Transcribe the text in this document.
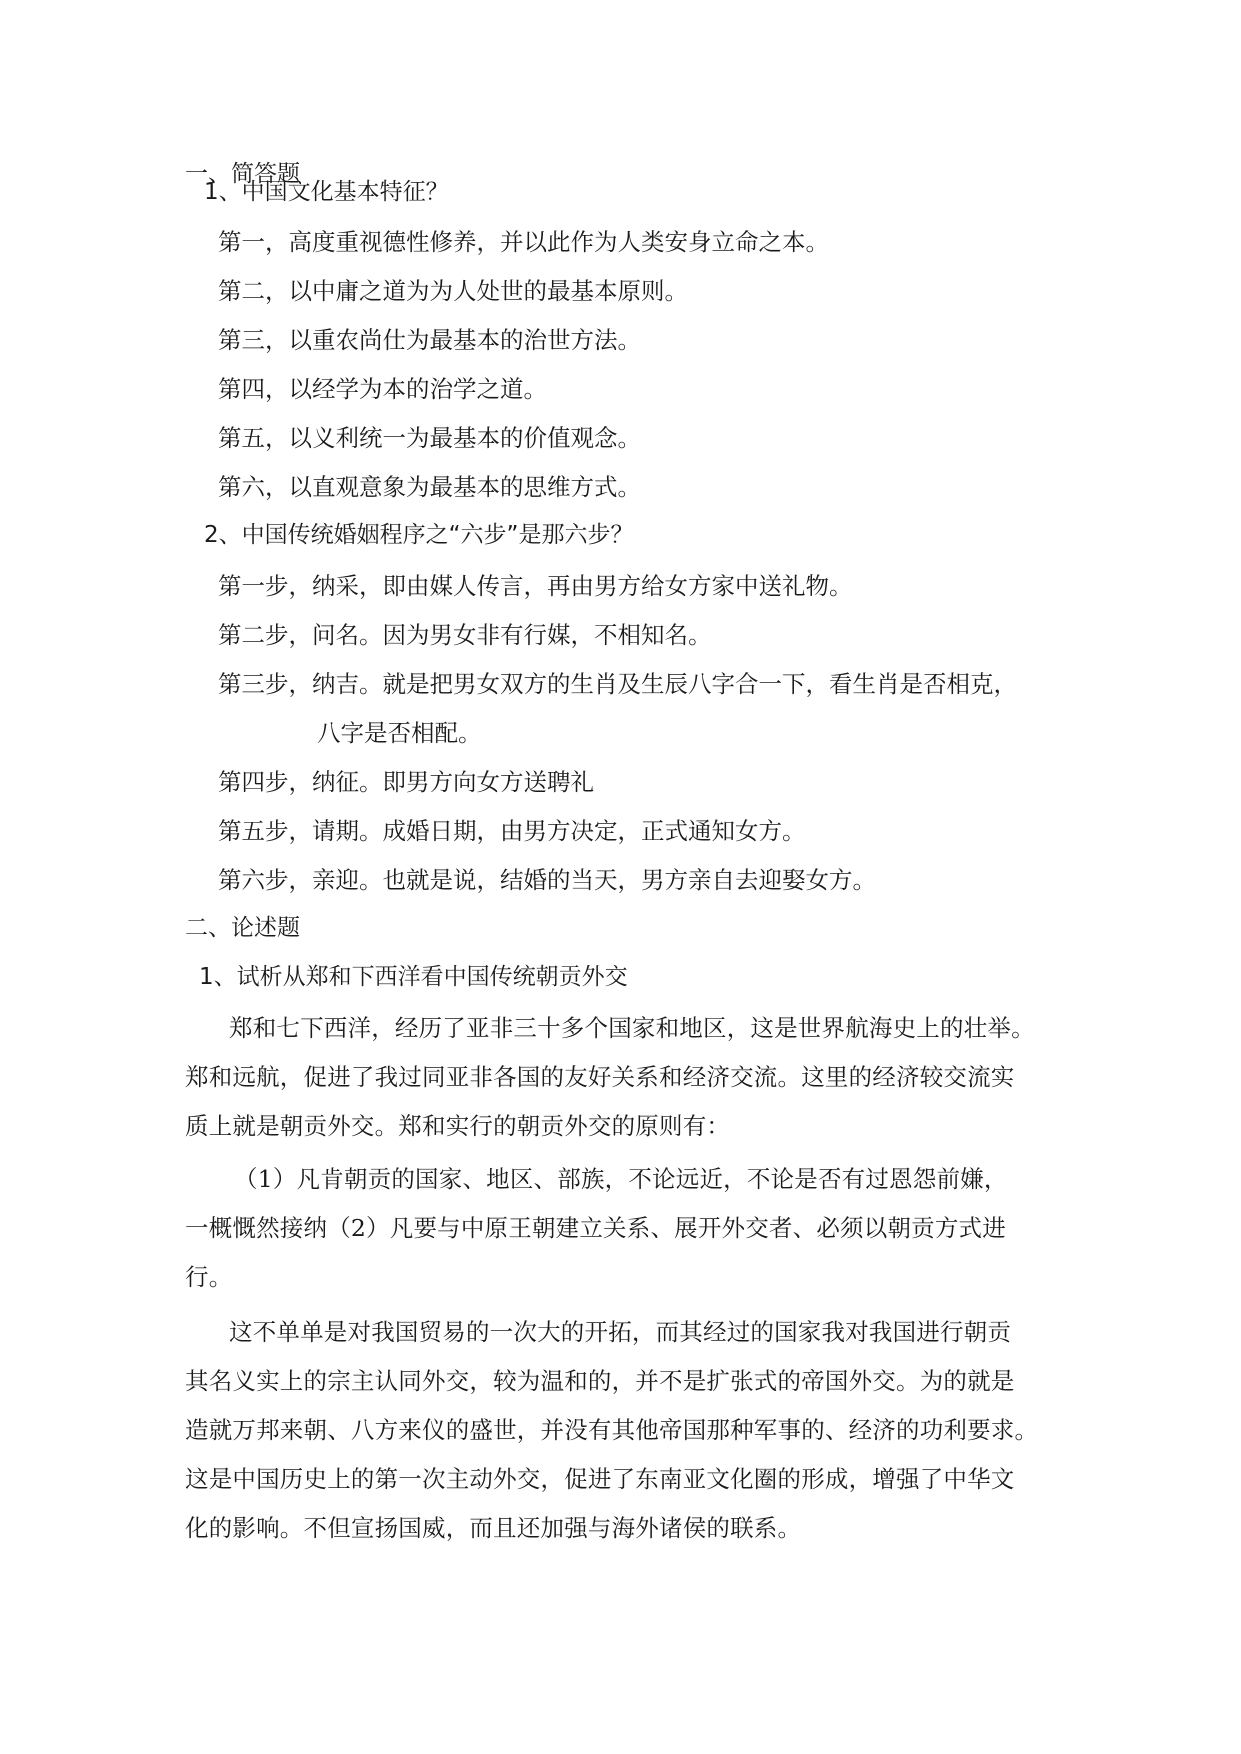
一、简答题
1、中国文化基本特征？
第一，高度重视德性修养，并以此作为人类安身立命之本。
第二，以中庸之道为为人处世的最基本原则。
第三，以重农尚仕为最基本的治世方法。
第四，以经学为本的治学之道。
第五，以义利统一为最基本的价值观念。
第六，以直观意象为最基本的思维方式。
2、中国传统婚姻程序之“六步”是那六步？
第一步，纳采，即由媒人传言，再由男方给女方家中送礼物。
第二步，问名。因为男女非有行媒，不相知名。
第三步，纳吉。就是把男女双方的生肖及生辰八字合一下，看生肖是否相克，
八字是否相配。
第四步，纳征。即男方向女方送聘礼
第五步，请期。成婚日期，由男方决定，正式通知女方。
第六步，亲迎。也就是说，结婚的当天，男方亲自去迎娶女方。
二、论述题
1、试析从郑和下西洋看中国传统朝贡外交
郑和七下西洋，经历了亚非三十多个国家和地区，这是世界航海史上的壮举。
郑和远航，促进了我过同亚非各国的友好关系和经济交流。这里的经济较交流实
质上就是朝贡外交。郑和实行的朝贡外交的原则有：
（1）凡肯朝贡的国家、地区、部族，不论远近，不论是否有过恩怨前嫌，
一概慨然接纳（2）凡要与中原王朝建立关系、展开外交者、必须以朝贡方式进
行。
这不单单是对我国贸易的一次大的开拓，而其经过的国家我对我国进行朝贡
其名义实上的宗主认同外交，较为温和的，并不是扩张式的帝国外交。为的就是
造就万邦来朝、八方来仪的盛世，并没有其他帝国那种军事的、经济的功利要求。
这是中国历史上的第一次主动外交，促进了东南亚文化圈的形成，增强了中华文
化的影响。不但宣扬国威，而且还加强与海外诸侯的联系。
